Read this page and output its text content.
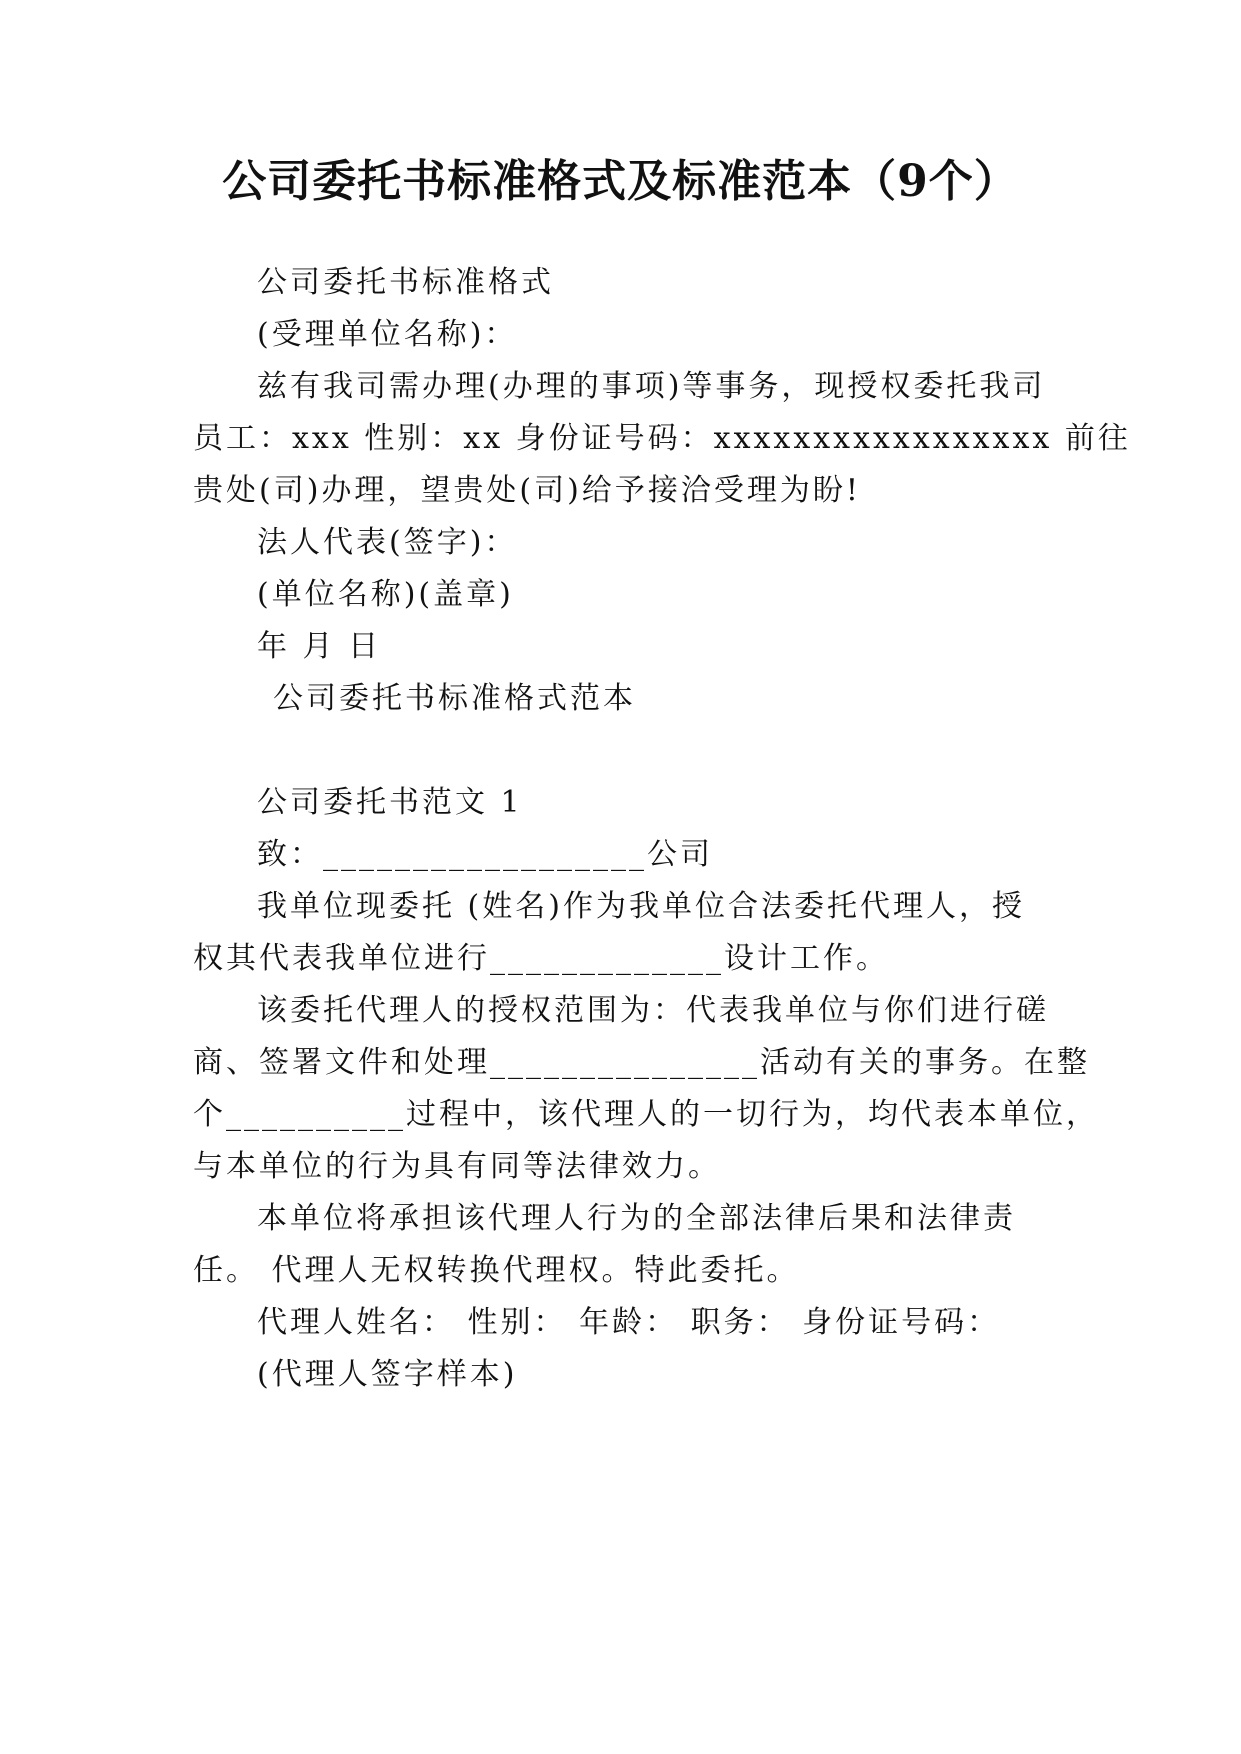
公司委托书标准格式及标准范本（9个）
公司委托书标准格式
(受理单位名称)：
兹有我司需办理(办理的事项)等事务，现授权委托我司
员工：xxx 性别：xx 身份证号码：xxxxxxxxxxxxxxxxx 前往
贵处(司)办理，望贵处(司)给予接洽受理为盼!
法人代表(签字)：
(单位名称)(盖章)
年 月 日
公司委托书标准格式范本
公司委托书范文 1
致：__________________公司
我单位现委托 (姓名)作为我单位合法委托代理人，授
权其代表我单位进行_____________设计工作。
该委托代理人的授权范围为：代表我单位与你们进行磋
商、签署文件和处理_______________活动有关的事务。在整
个__________过程中，该代理人的一切行为，均代表本单位，
与本单位的行为具有同等法律效力。
本单位将承担该代理人行为的全部法律后果和法律责
任。 代理人无权转换代理权。特此委托。
代理人姓名： 性别： 年龄： 职务： 身份证号码：
(代理人签字样本)
